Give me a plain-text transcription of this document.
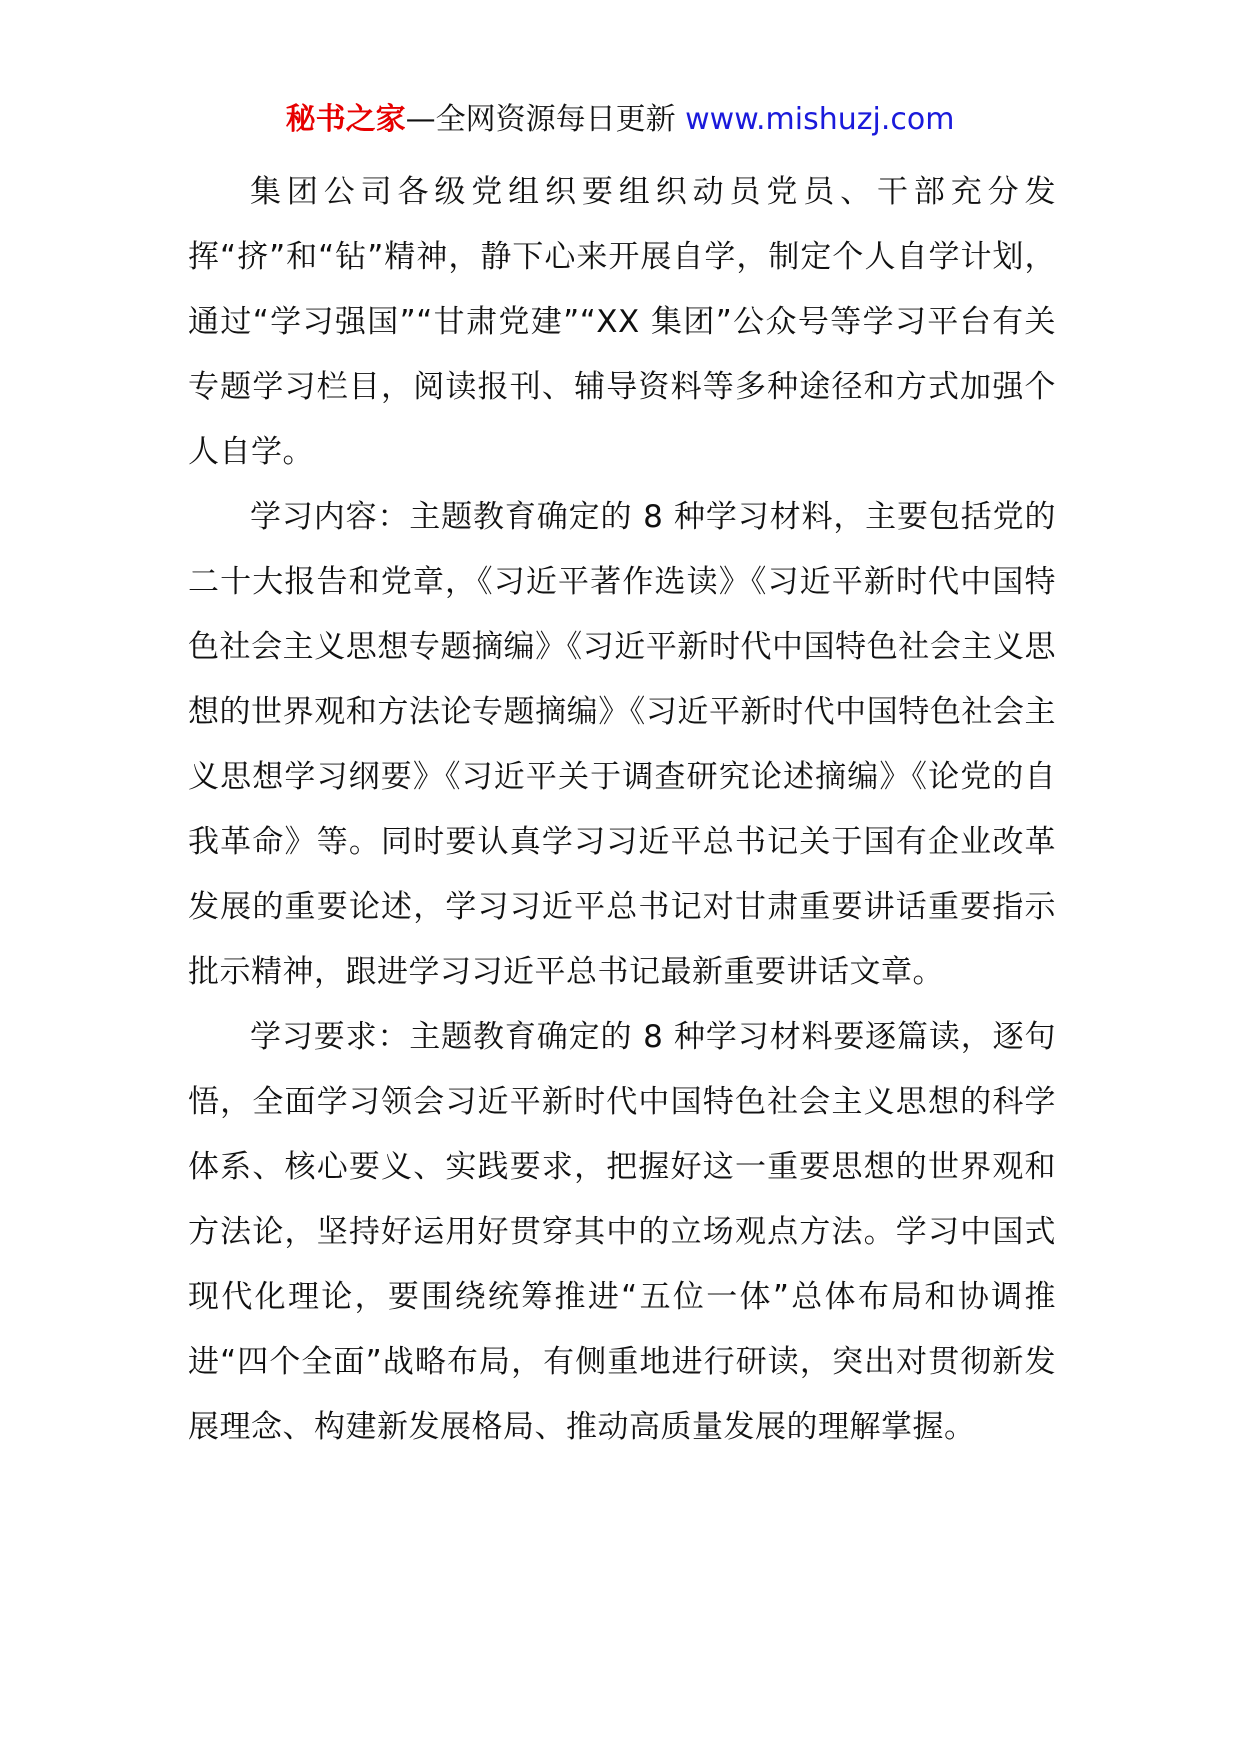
秘书之家—全网资源每日更新 www.mishuzj.com

集团公司各级党组织要组织动员党员、干部充分发挥“挤”和“钻”精神，静下心来开展自学，制定个人自学计划，通过“学习强国”“甘肃党建”“XX 集团”公众号等学习平台有关专题学习栏目，阅读报刊、辅导资料等多种途径和方式加强个人自学。

学习内容：主题教育确定的 8 种学习材料，主要包括党的二十大报告和党章，《习近平著作选读》《习近平新时代中国特色社会主义思想专题摘编》《习近平新时代中国特色社会主义思想的世界观和方法论专题摘编》《习近平新时代中国特色社会主义思想学习纲要》《习近平关于调查研究论述摘编》《论党的自我革命》等。同时要认真学习习近平总书记关于国有企业改革发展的重要论述，学习习近平总书记对甘肃重要讲话重要指示批示精神，跟进学习习近平总书记最新重要讲话文章。

学习要求：主题教育确定的 8 种学习材料要逐篇读，逐句悟，全面学习领会习近平新时代中国特色社会主义思想的科学体系、核心要义、实践要求，把握好这一重要思想的世界观和方法论，坚持好运用好贯穿其中的立场观点方法。学习中国式现代化理论，要围绕统筹推进“五位一体”总体布局和协调推进“四个全面”战略布局，有侧重地进行研读，突出对贯彻新发展理念、构建新发展格局、推动高质量发展的理解掌握。
